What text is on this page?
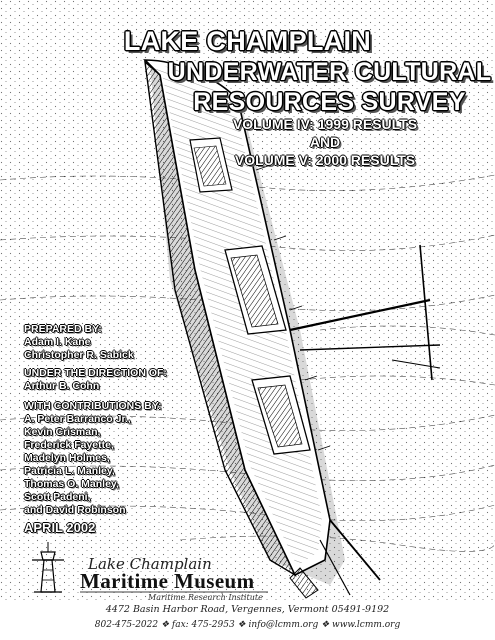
LAKE CHAMPLAIN
UNDERWATER CULTURAL
RESOURCES SURVEY
VOLUME IV: 1999 RESULTS
AND
VOLUME V: 2000 RESULTS
PREPARED BY:
Adam I. Kane
Christopher R. Sabick
UNDER THE DIRECTION OF:
Arthur B. Cohn
WITH CONTRIBUTIONS BY:
A. Peter Barranco Jr.,
Kevin Crisman,
Frederick Fayette,
Madelyn Holmes,
Patricia L. Manley,
Thomas O. Manley,
Scott Padeni,
and David Robinson
APRIL 2002
Lake Champlain
Maritime Museum
Maritime Research Institute
4472 Basin Harbor Road, Vergennes, Vermont 05491-9192
802-475-2022 ❖ fax: 475-2953 ❖ info@lcmm.org ❖ www.lcmm.org
